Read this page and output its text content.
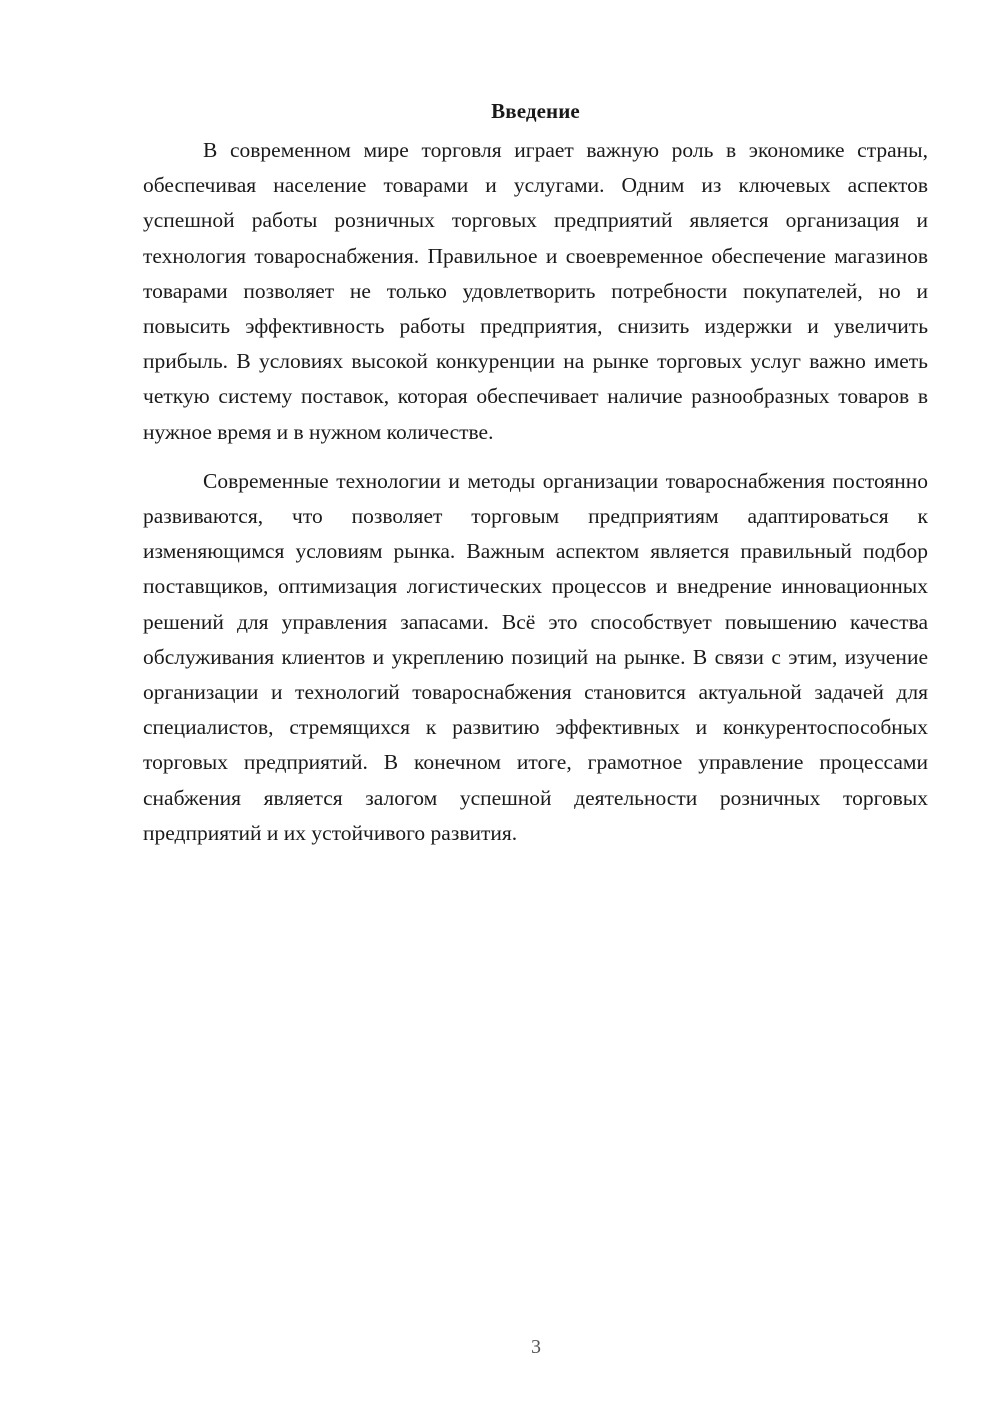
Введение

В современном мире торговля играет важную роль в экономике страны, обеспечивая население товарами и услугами. Одним из ключевых аспектов успешной работы розничных торговых предприятий является организация и технология товароснабжения. Правильное и своевременное обеспечение магазинов товарами позволяет не только удовлетворить потребности покупателей, но и повысить эффективность работы предприятия, снизить издержки и увеличить прибыль. В условиях высокой конкуренции на рынке торговых услуг важно иметь четкую систему поставок, которая обеспечивает наличие разнообразных товаров в нужное время и в нужном количестве.

Современные технологии и методы организации товароснабжения постоянно развиваются, что позволяет торговым предприятиям адаптироваться к изменяющимся условиям рынка. Важным аспектом является правильный подбор поставщиков, оптимизация логистических процессов и внедрение инновационных решений для управления запасами. Всё это способствует повышению качества обслуживания клиентов и укреплению позиций на рынке. В связи с этим, изучение организации и технологий товароснабжения становится актуальной задачей для специалистов, стремящихся к развитию эффективных и конкурентоспособных торговых предприятий. В конечном итоге, грамотное управление процессами снабжения является залогом успешной деятельности розничных торговых предприятий и их устойчивого развития.

3
